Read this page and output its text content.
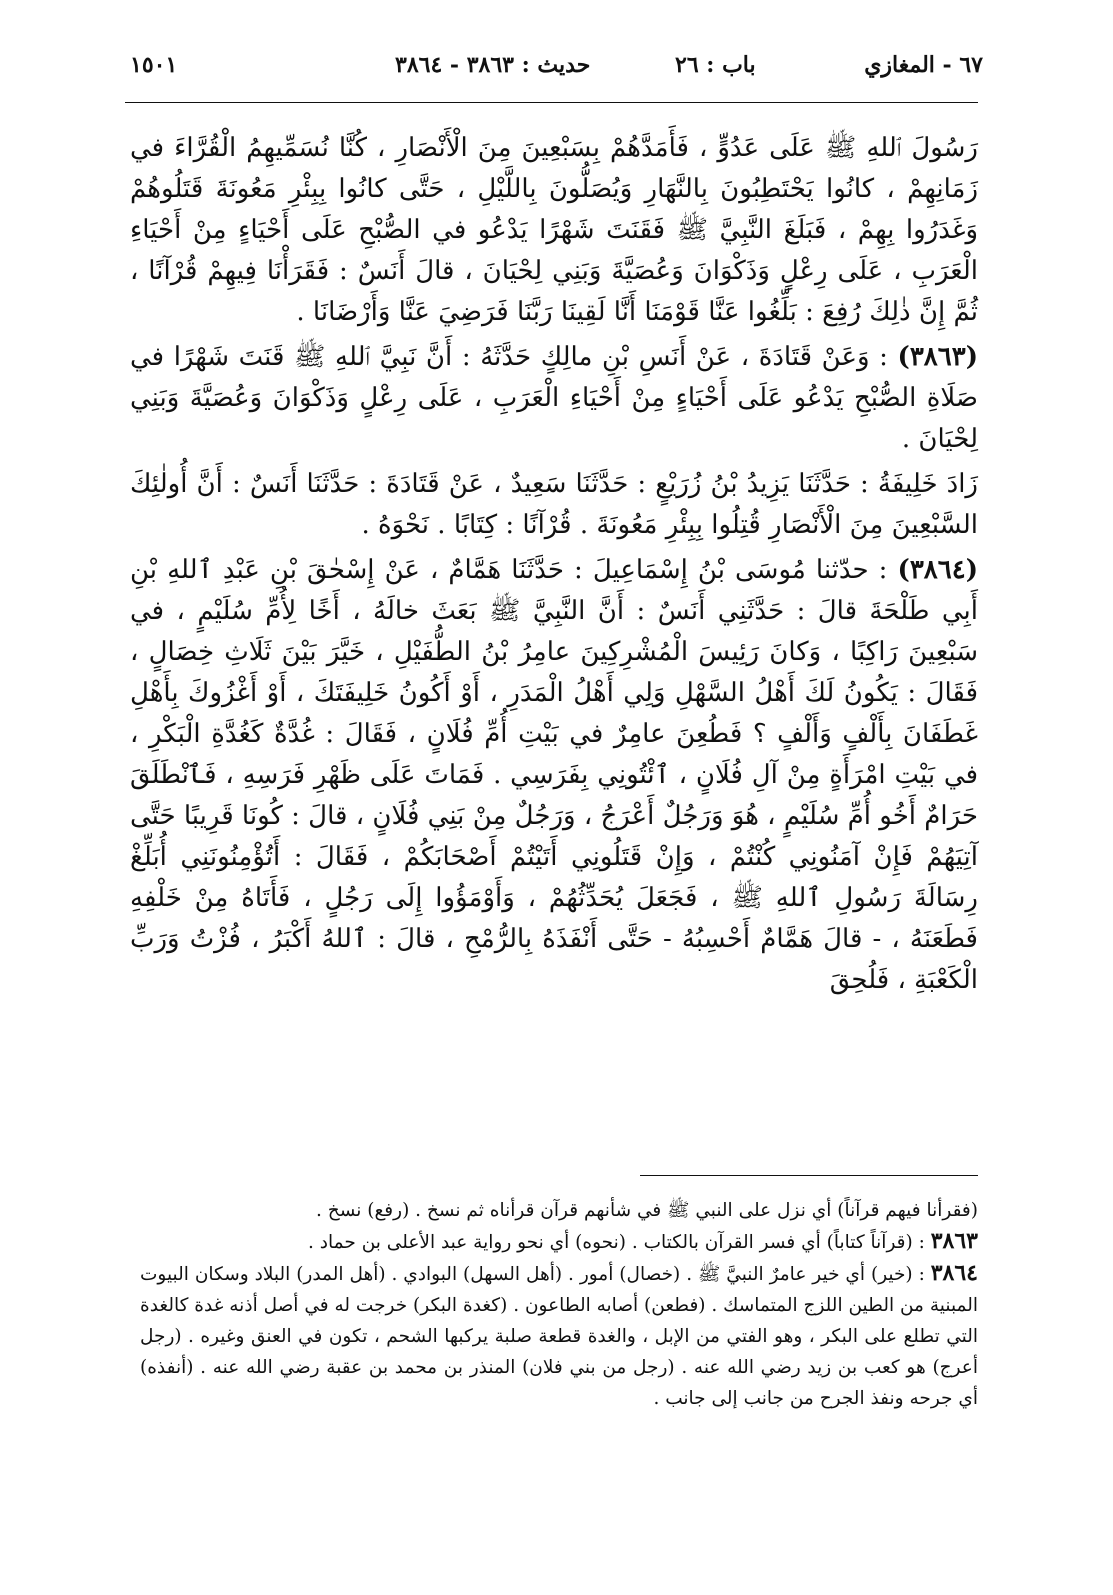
١٥٠١	حديث : ٣٨٦٣ - ٣٨٦٤	باب : ٢٦	٦٧ - المغازي

رَسُولَ ٱللهِ ﷺ عَلَى عَدُوٍّ ، فَأَمَدَّهُمْ بِسَبْعِينَ مِنَ الْأَنْصَارِ ، كُنَّا نُسَمِّيهِمُ الْقُرَّاءَ في زَمَانِهِمْ ، كانُوا يَحْتَطِبُونَ بِالنَّهَارِ وَيُصَلُّونَ بِاللَّيْلِ ، حَتَّى كانُوا بِبِئْرِ مَعُونَةَ قَتَلُوهُمْ وَغَدَرُوا بِهِمْ ، فَبَلَغَ النَّبِيَّ ﷺ فَقَنَتَ شَهْرًا يَدْعُو في الصُّبْحِ عَلَى أَحْيَاءٍ مِنْ أَحْيَاءِ الْعَرَبِ ، عَلَى رِعْلٍ وَذَكْوَانَ وَعُصَيَّةَ وَبَنِي لِحْيَانَ ، قالَ أَنَسٌ : فَقَرَأْنَا فِيهِمْ قُرْآنًا ، ثُمَّ إِنَّ ذٰلِكَ رُفِعَ : بَلِّغُوا عَنَّا قَوْمَنَا أَنَّا لَقِينَا رَبَّنَا فَرَضِيَ عَنَّا وَأَرْضَانَا .

(٣٨٦٣) : وَعَنْ قَتَادَةَ ، عَنْ أَنَسِ بْنِ مالِكٍ حَدَّثَهُ : أَنَّ نَبِيَّ ٱللهِ ﷺ قَنَتَ شَهْرًا في صَلَاةِ الصُّبْحِ يَدْعُو عَلَى أَحْيَاءٍ مِنْ أَحْيَاءِ الْعَرَبِ ، عَلَى رِعْلٍ وَذَكْوَانَ وَعُصَيَّةَ وَبَنِي لِحْيَانَ .

زَادَ خَلِيفَةُ : حَدَّثَنَا يَزِيدُ بْنُ زُرَيْعٍ : حَدَّثَنَا سَعِيدٌ ، عَنْ قَتَادَةَ : حَدَّثَنَا أَنَسٌ : أَنَّ أُولٰئِكَ السَّبْعِينَ مِنَ الْأَنْصَارِ قُتِلُوا بِبِئْرِ مَعُونَةَ . قُرْآنًا : كِتَابًا . نَحْوَهُ .

(٣٨٦٤) : حدّثنا مُوسَى بْنُ إِسْمَاعِيلَ : حَدَّثَنَا هَمَّامٌ ، عَنْ إِسْحٰقَ بْنِ عَبْدِ ٱللهِ بْنِ أَبِي طَلْحَةَ قالَ : حَدَّثَنِي أَنَسٌ : أَنَّ النَّبِيَّ ﷺ بَعَثَ خالَهُ ، أَخًا لِأُمِّ سُلَيْمٍ ، في سَبْعِينَ رَاكِبًا ، وَكانَ رَئِيسَ الْمُشْرِكِينَ عامِرُ بْنُ الطُّفَيْلِ ، خَيَّرَ بَيْنَ ثَلَاثِ خِصَالٍ ، فَقَالَ : يَكُونُ لَكَ أَهْلُ السَّهْلِ وَلِي أَهْلُ الْمَدَرِ ، أَوْ أَكُونُ خَلِيفَتَكَ ، أَوْ أَغْزُوكَ بِأَهْلِ غَطَفَانَ بِأَلْفٍ وَأَلْفٍ ؟ فَطُعِنَ عامِرٌ في بَيْتِ أُمِّ فُلَانٍ ، فَقَالَ : غُدَّةٌ كَغُدَّةِ الْبَكْرِ ، في بَيْتِ امْرَأَةٍ مِنْ آلِ فُلَانٍ ، ٱئْتُونِي بِفَرَسِي . فَمَاتَ عَلَى ظَهْرِ فَرَسِهِ ، فَٱنْطَلَقَ حَرَامٌ أَخُو أُمِّ سُلَيْمٍ ، هُوَ وَرَجُلٌ أَعْرَجُ ، وَرَجُلٌ مِنْ بَنِي فُلَانٍ ، قالَ : كُونَا قَرِيبًا حَتَّى آتِيَهُمْ فَإِنْ آمَنُونِي كُنْتُمْ ، وَإِنْ قَتَلُونِي أَتَيْتُمْ أَصْحَابَكُمْ ، فَقَالَ : أَتُؤْمِنُونَنِي أُبَلِّغْ رِسَالَةَ رَسُولِ ٱللهِ ﷺ ، فَجَعَلَ يُحَدِّثُهُمْ ، وَأَوْمَؤُوا إِلَى رَجُلٍ ، فَأَتَاهُ مِنْ خَلْفِهِ فَطَعَنَهُ ، - قالَ هَمَّامٌ أَحْسِبُهُ - حَتَّى أَنْفَذَهُ بِالرُّمْحِ ، قالَ : ٱللهُ أَكْبَرُ ، فُزْتُ وَرَبِّ الْكَعْبَةِ ، فَلُحِقَ

(فقرأنا فيهم قرآناً) أي نزل على النبي ﷺ في شأنهم قرآن قرأناه ثم نسخ . (رفع) نسخ .

٣٨٦٣ : (قرآناً كتاباً) أي فسر القرآن بالكتاب . (نحوه) أي نحو رواية عبد الأعلى بن حماد .

٣٨٦٤ : (خير) أي خير عامرٌ النبيَّ ﷺ . (خصال) أمور . (أهل السهل) البوادي . (أهل المدر) البلاد وسكان البيوت المبنية من الطين اللزج المتماسك . (فطعن) أصابه الطاعون . (كغدة البكر) خرجت له في أصل أذنه غدة كالغدة التي تطلع على البكر ، وهو الفتي من الإبل ، والغدة قطعة صلبة يركبها الشحم ، تكون في العنق وغيره . (رجل أعرج) هو كعب بن زيد رضي الله عنه . (رجل من بني فلان) المنذر بن محمد بن عقبة رضي الله عنه . (أنفذه) أي جرحه ونفذ الجرح من جانب إلى جانب .
